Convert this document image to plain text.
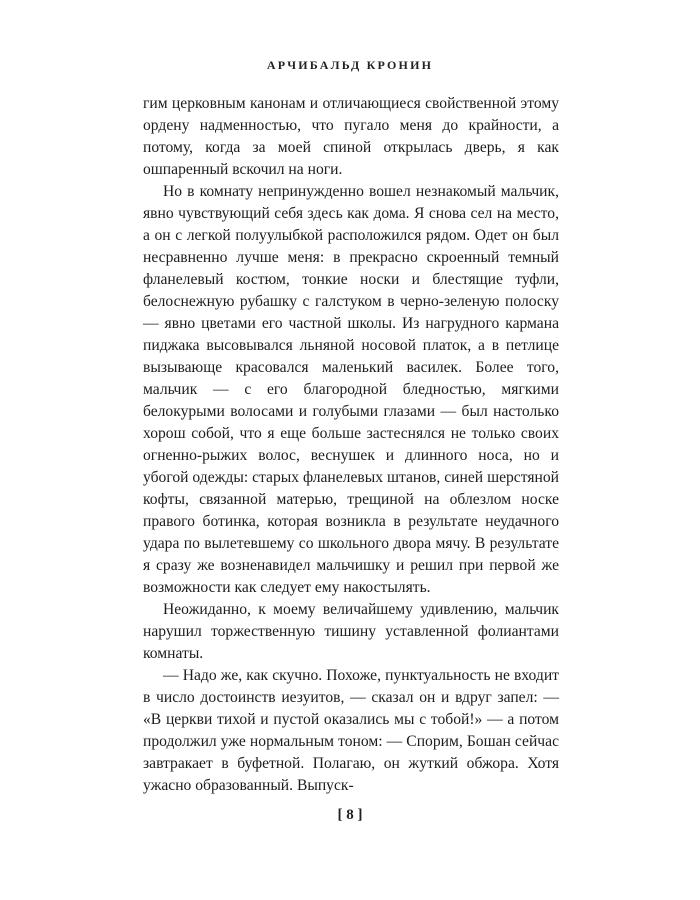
АРЧИБАЛЬД КРОНИН

гим церковным канонам и отличающиеся свойственной этому ордену надменностью, что пугало меня до крайности, а потому, когда за моей спиной открылась дверь, я как ошпаренный вскочил на ноги.

Но в комнату непринужденно вошел незнакомый мальчик, явно чувствующий себя здесь как дома. Я снова сел на место, а он с легкой полуулыбкой расположился рядом. Одет он был несравненно лучше меня: в прекрасно скроенный темный фланелевый костюм, тонкие носки и блестящие туфли, белоснежную рубашку с галстуком в черно-зеленую полоску — явно цветами его частной школы. Из нагрудного кармана пиджака высовывался льняной носовой платок, а в петлице вызывающе красовался маленький василек. Более того, мальчик — с его благородной бледностью, мягкими белокурыми волосами и голубыми глазами — был настолько хорош собой, что я еще больше застеснялся не только своих огненно-рыжих волос, веснушек и длинного носа, но и убогой одежды: старых фланелевых штанов, синей шерстяной кофты, связанной матерью, трещиной на облезлом носке правого ботинка, которая возникла в результате неудачного удара по вылетевшему со школьного двора мячу. В результате я сразу же возненавидел мальчишку и решил при первой же возможности как следует ему накостылять.

Неожиданно, к моему величайшему удивлению, мальчик нарушил торжественную тишину уставленной фолиантами комнаты.

— Надо же, как скучно. Похоже, пунктуальность не входит в число достоинств иезуитов, — сказал он и вдруг запел: — «В церкви тихой и пустой оказались мы с тобой!» — а потом продолжил уже нормальным тоном: — Спорим, Бошан сейчас завтракает в буфетной. Полагаю, он жуткий обжора. Хотя ужасно образованный. Выпуск-

[ 8 ]
